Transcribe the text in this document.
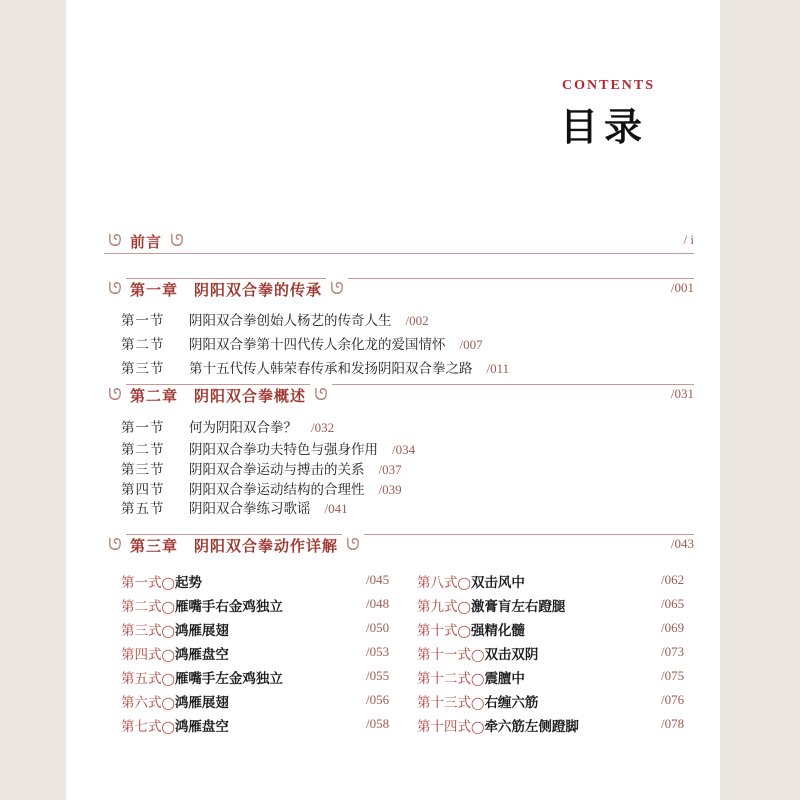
CONTENTS
目录
ᘎ 前言 ᘎ	/ i
ᘎ 第一章　阴阳双合拳的传承 ᘎ	/001
第一节 阴阳双合拳创始人杨艺的传奇人生 /002
第二节 阴阳双合拳第十四代传人余化龙的爱国情怀 /007
第三节 第十五代传人韩荣春传承和发扬阴阳双合拳之路 /011
ᘎ 第二章　阴阳双合拳概述 ᘎ	/031
第一节 何为阴阳双合拳？ /032
第二节 阴阳双合拳功夫特色与强身作用 /034
第三节 阴阳双合拳运动与搏击的关系 /037
第四节 阴阳双合拳运动结构的合理性 /039
第五节 阴阳双合拳练习歌谣 /041
ᘎ 第三章　阴阳双合拳动作详解 ᘎ	/043
第一式◯起势	/045
第二式◯雁嘴手右金鸡独立	/048
第三式◯鸿雁展翅	/050
第四式◯鸿雁盘空	/053
第五式◯雁嘴手左金鸡独立	/055
第六式◯鸿雁展翅	/056
第七式◯鸿雁盘空	/058
第八式◯双击风中	/062
第九式◯激膏肓左右蹬腿	/065
第十式◯强精化髓	/069
第十一式◯双击双阴	/073
第十二式◯震膻中	/075
第十三式◯右缠六筋	/076
第十四式◯牵六筋左侧蹬脚	/078
